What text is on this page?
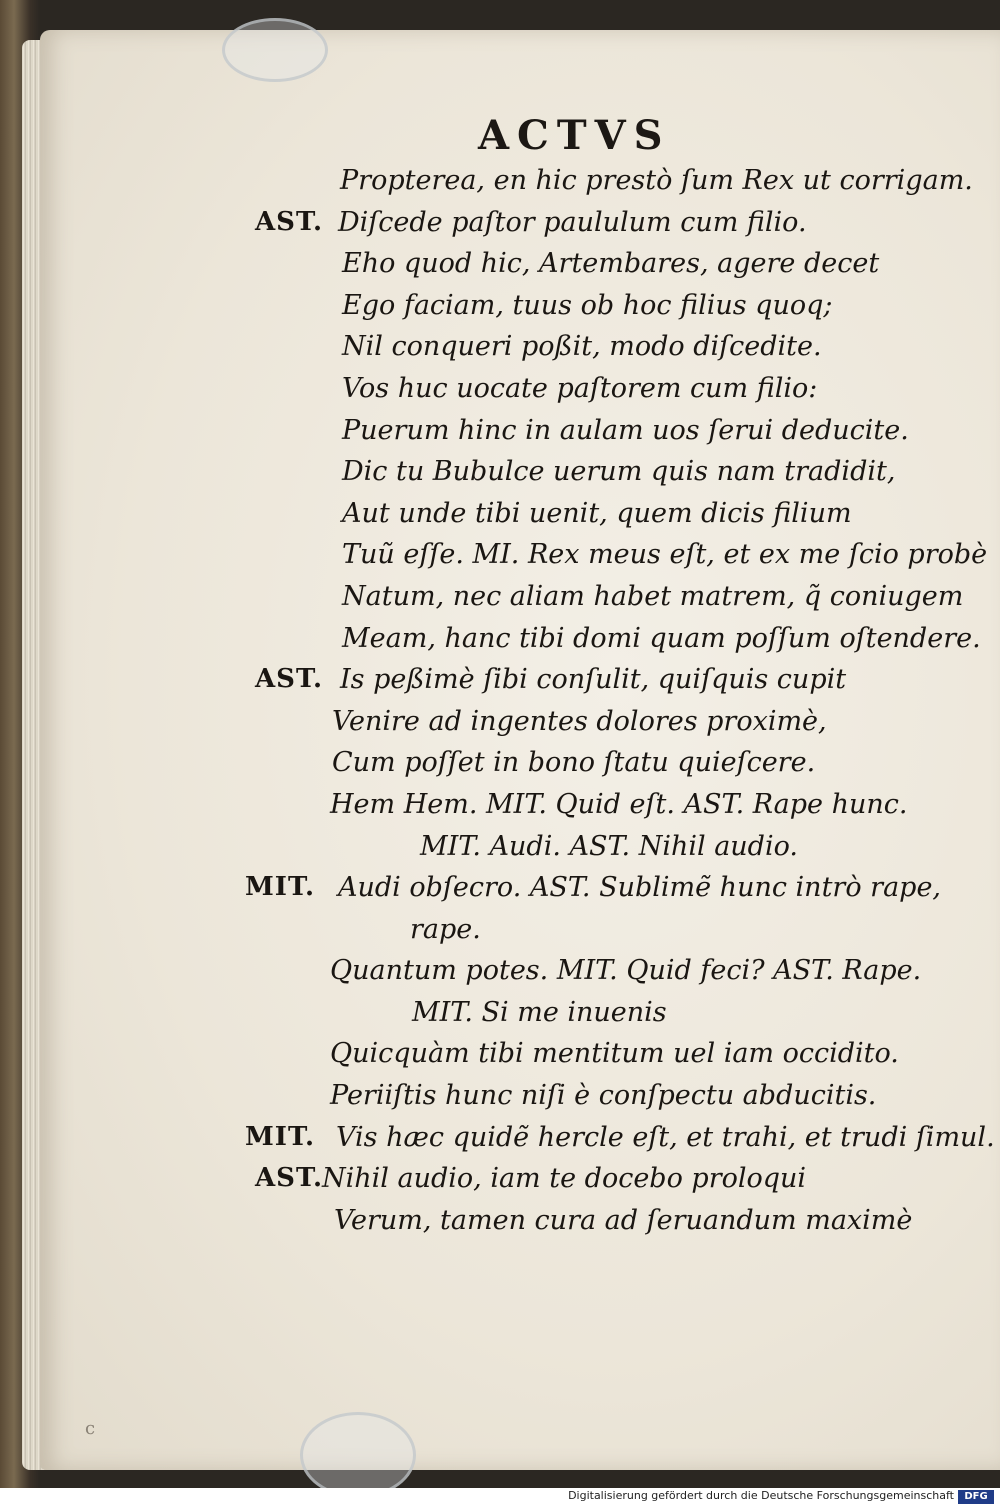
ACTVS
Propterea, en hic prestò ſum Rex ut corrigam.
AST. Diſcede paſtor paululum cum filio.
Eho quod hic, Artembares, agere decet
Ego faciam, tuus ob hoc filius quoq;
Nil conqueri poßit, modo diſcedite.
Vos huc uocate paſtorem cum filio:
Puerum hinc in aulam uos ſerui deducite.
Dic tu Bubulce uerum quis nam tradidit,
Aut unde tibi uenit, quem dicis filium
Tuũ eſſe. MI. Rex meus eſt, et ex me ſcio probè
Natum, nec aliam habet matrem, q̃ coniugem
Meam, hanc tibi domi quam poſſum oſtendere.
AST. Is peßimè ſibi conſulit, quiſquis cupit
Venire ad ingentes dolores proximè,
Cum poſſet in bono ſtatu quieſcere.
Hem Hem. MIT. Quid eſt. AST. Rape hunc.
MIT. Audi. AST. Nihil audio.
MIT. Audi obſecro. AST. Sublimẽ hunc intrò rape,
rape.
Quantum potes. MIT. Quid feci? AST. Rape.
MIT. Si me inuenis
Quicquàm tibi mentitum uel iam occidito.
Periiſtis hunc niſi è conſpectu abducitis.
MIT. Vis hæc quidẽ hercle eſt, et trahi, et trudi ſimul.
AST. Nihil audio, iam te docebo proloqui
Verum, tamen cura ad ſeruandum maximè
c
Digitalisierung gefördert durch die Deutsche Forschungsgemeinschaft	DFG
